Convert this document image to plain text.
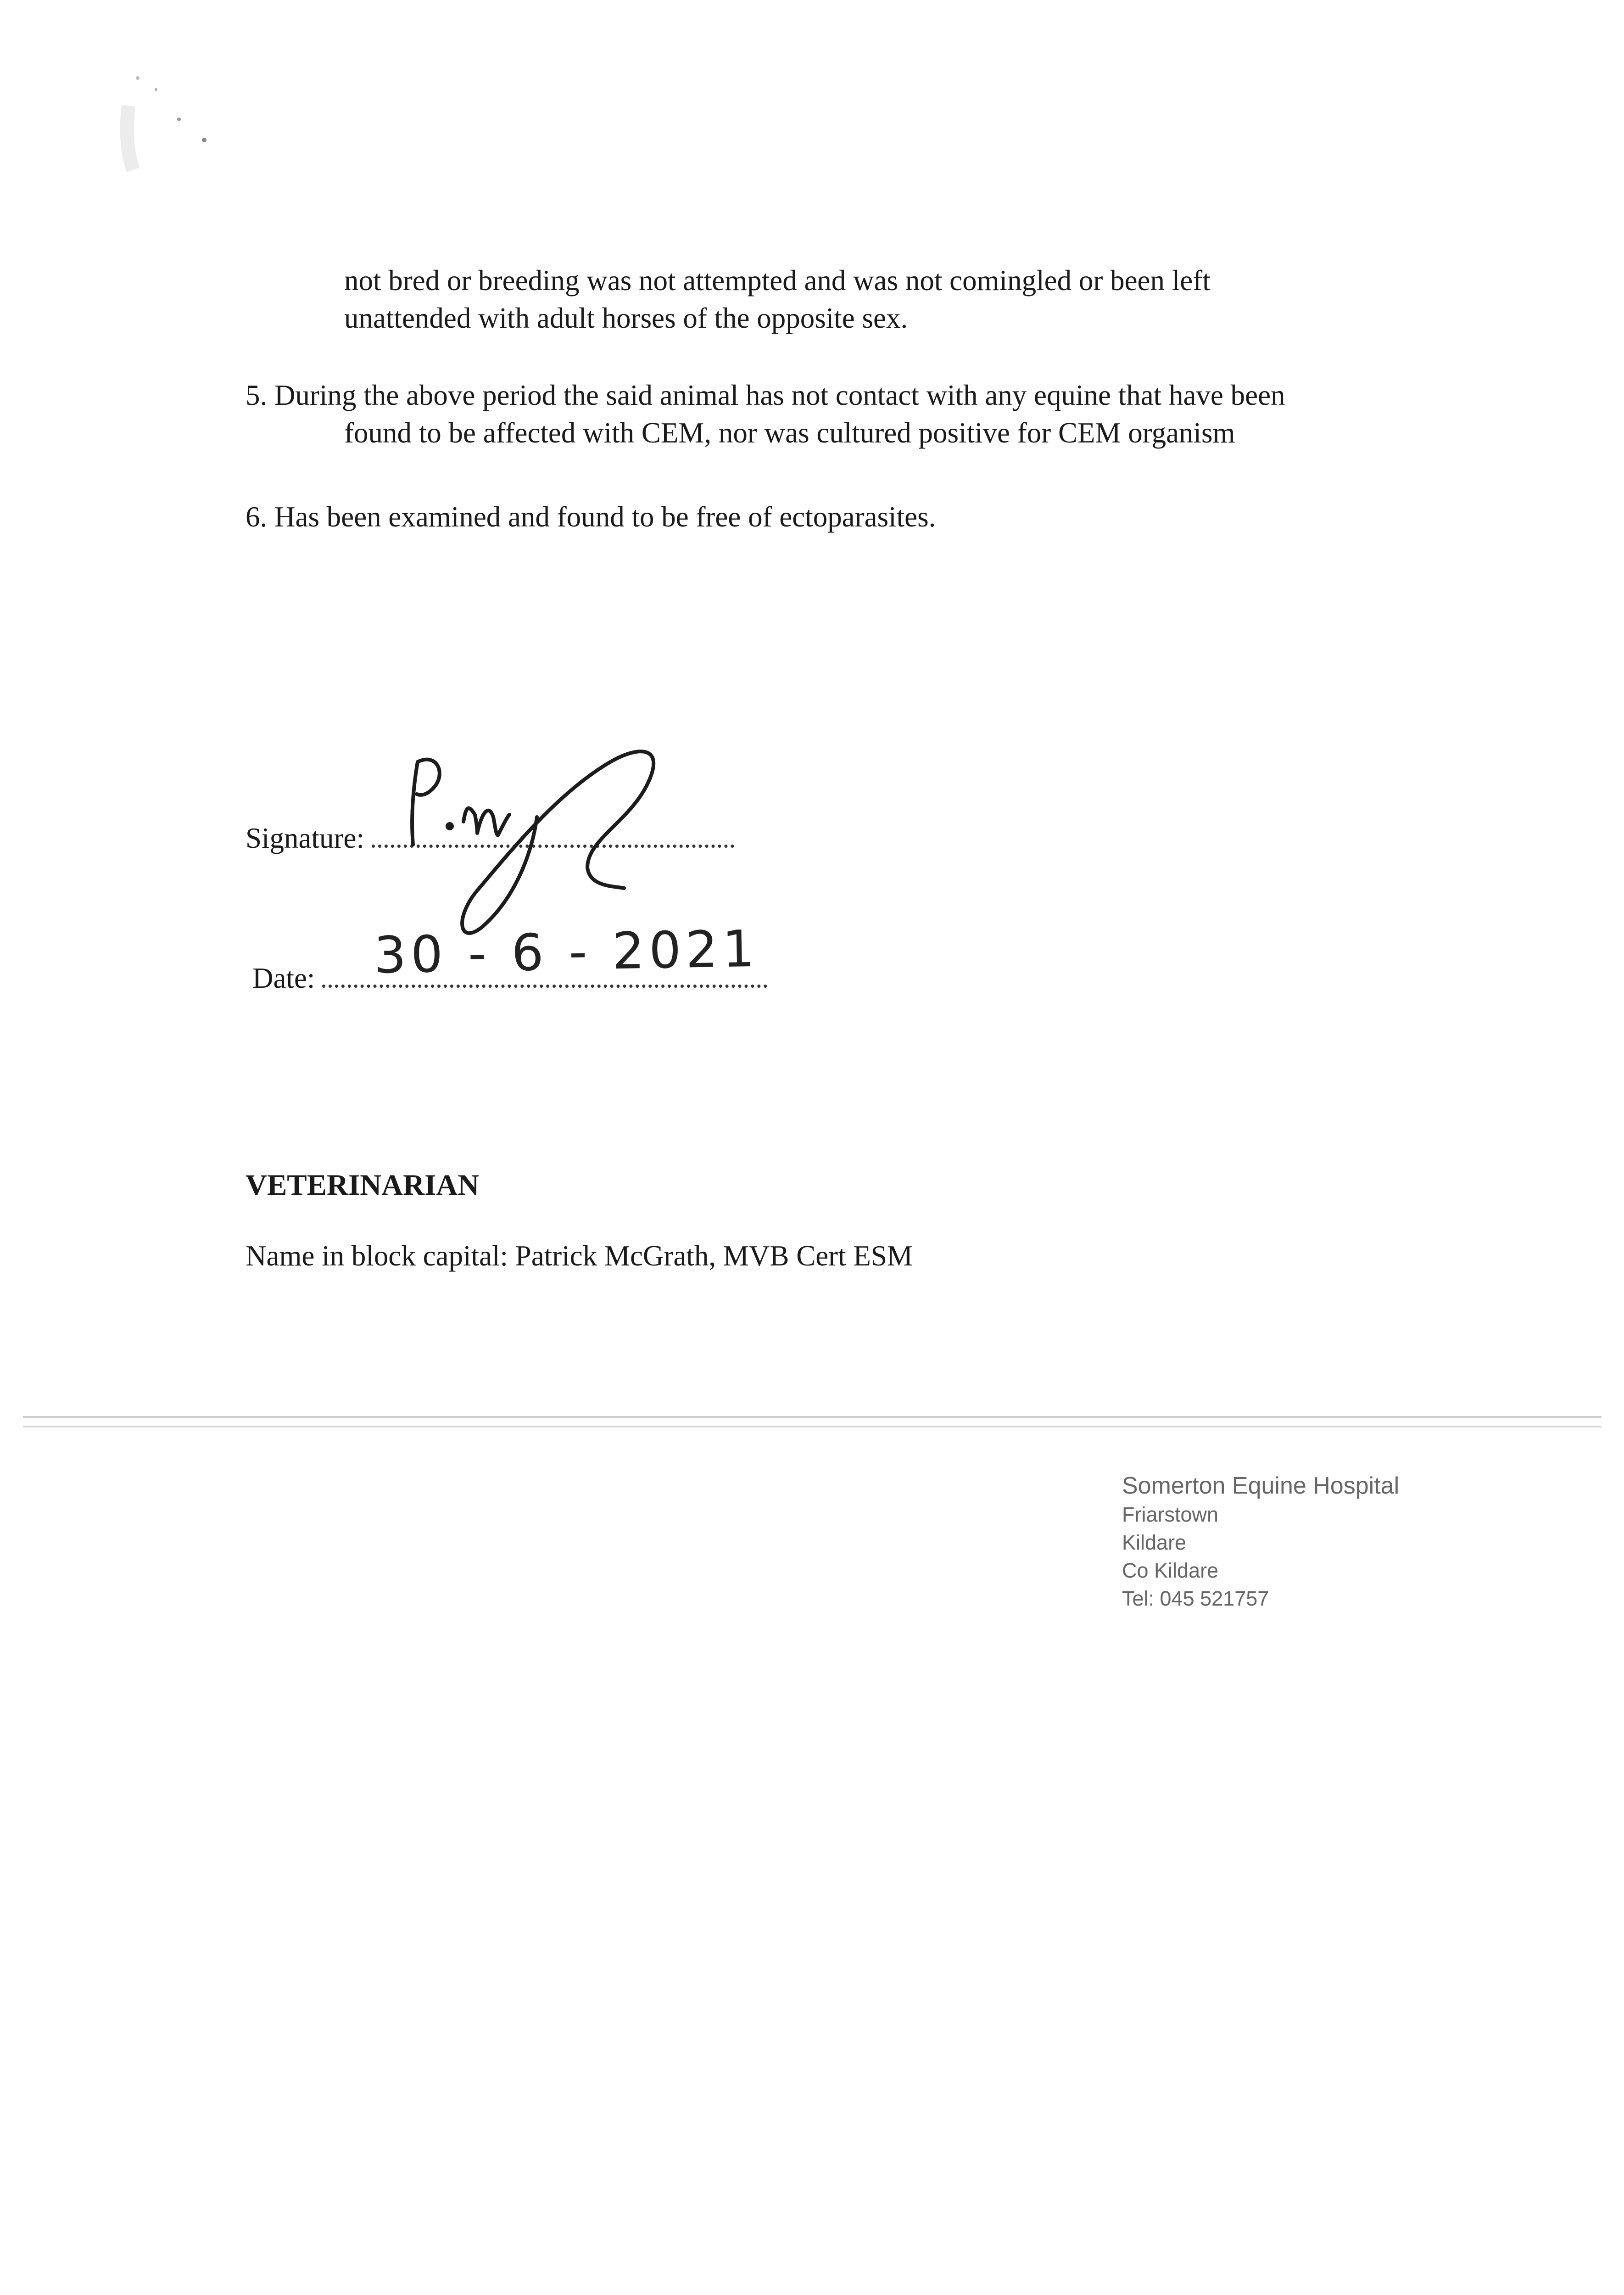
not bred or breeding was not attempted and was not comingled or been left
unattended with adult horses of the opposite sex.
5. During the above period the said animal has not contact with any equine that have been
found to be affected with CEM, nor was cultured positive for CEM organism
6. Has been examined and found to be free of ectoparasites.
Signature:
Date:	30 - 6 - 2021
VETERINARIAN
Name in block capital: Patrick McGrath, MVB Cert ESM
Somerton Equine Hospital
Friarstown
Kildare
Co Kildare
Tel: 045 521757
